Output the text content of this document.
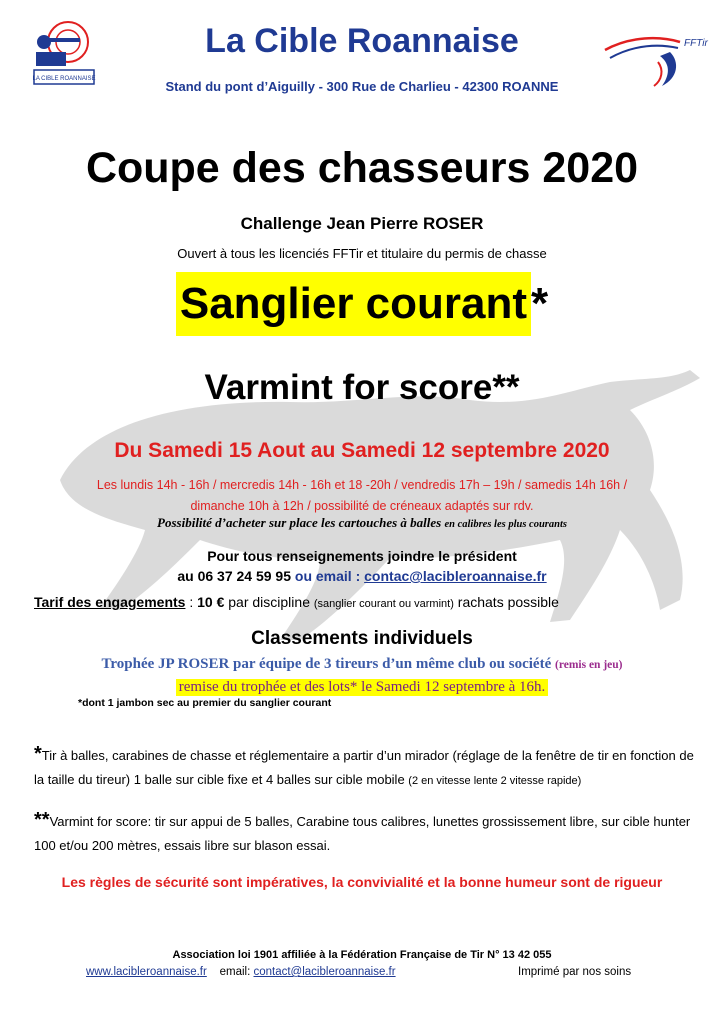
LA CIBLE ROANNAISE
FFTir
La Cible Roannaise
Stand du pont d’Aiguilly - 300 Rue de Charlieu - 42300 ROANNE
Coupe des chasseurs 2020
Challenge Jean Pierre ROSER
Ouvert à tous les licenciés FFTir et titulaire du permis de chasse
Sanglier courant*
Varmint for score**
Du Samedi 15 Aout au Samedi 12 septembre 2020
Les lundis 14h - 16h / mercredis 14h - 16h et 18 -20h / vendredis 17h – 19h / samedis 14h 16h /
dimanche 10h à 12h / possibilité de créneaux adaptés sur rdv.
Possibilité d’acheter sur place les cartouches à balles en calibres les plus courants
Pour tous renseignements joindre le président
au 06 37 24 59 95 ou email : contac@lacibleroannaise.fr
Tarif des engagements : 10 € par discipline (sanglier courant ou varmint) rachats possible
Classements individuels
Trophée JP ROSER par équipe de 3 tireurs d’un même club ou société (remis en jeu)
remise du trophée et des lots* le Samedi 12 septembre à 16h.
*dont 1 jambon sec au premier du sanglier courant
*Tir à balles, carabines de chasse et réglementaire a partir d’un mirador (réglage de la fenêtre de tir en fonction de la taille du tireur) 1 balle sur cible fixe et 4 balles sur cible mobile (2 en vitesse lente 2 vitesse rapide)
**Varmint for score: tir sur appui de 5 balles, Carabine tous calibres, lunettes grossissement libre, sur cible hunter 100 et/ou 200 mètres, essais libre sur blason essai.
Les règles de sécurité sont impératives, la convivialité et la bonne humeur sont de rigueur
Association loi 1901 affiliée à la Fédération Française de Tir N° 13 42 055
www.lacibleroannaise.fr email: contact@lacibleroannaise.fr	Imprimé par nos soins
